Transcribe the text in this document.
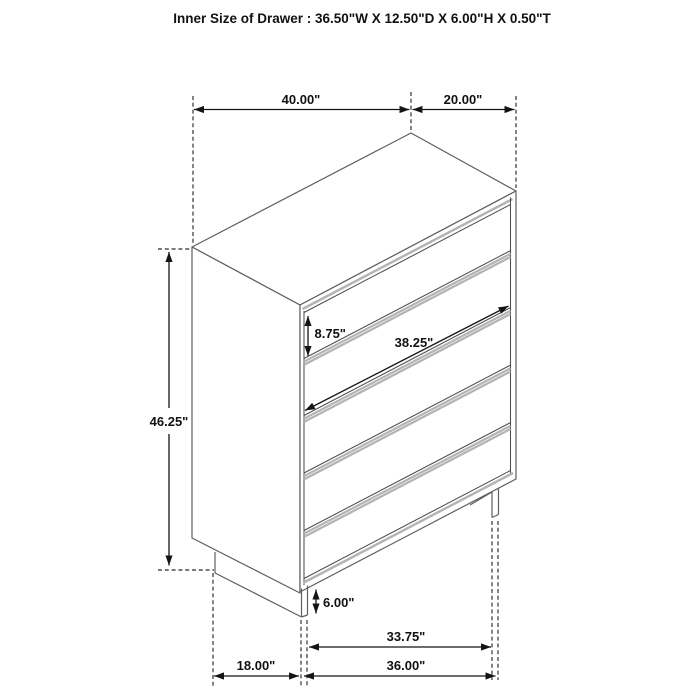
Inner Size of Drawer : 36.50"W X 12.50"D X 6.00"H X 0.50"T
40.00"	20.00"
46.25"
8.75"
38.25"
6.00"
33.75"
36.00"
18.00"
